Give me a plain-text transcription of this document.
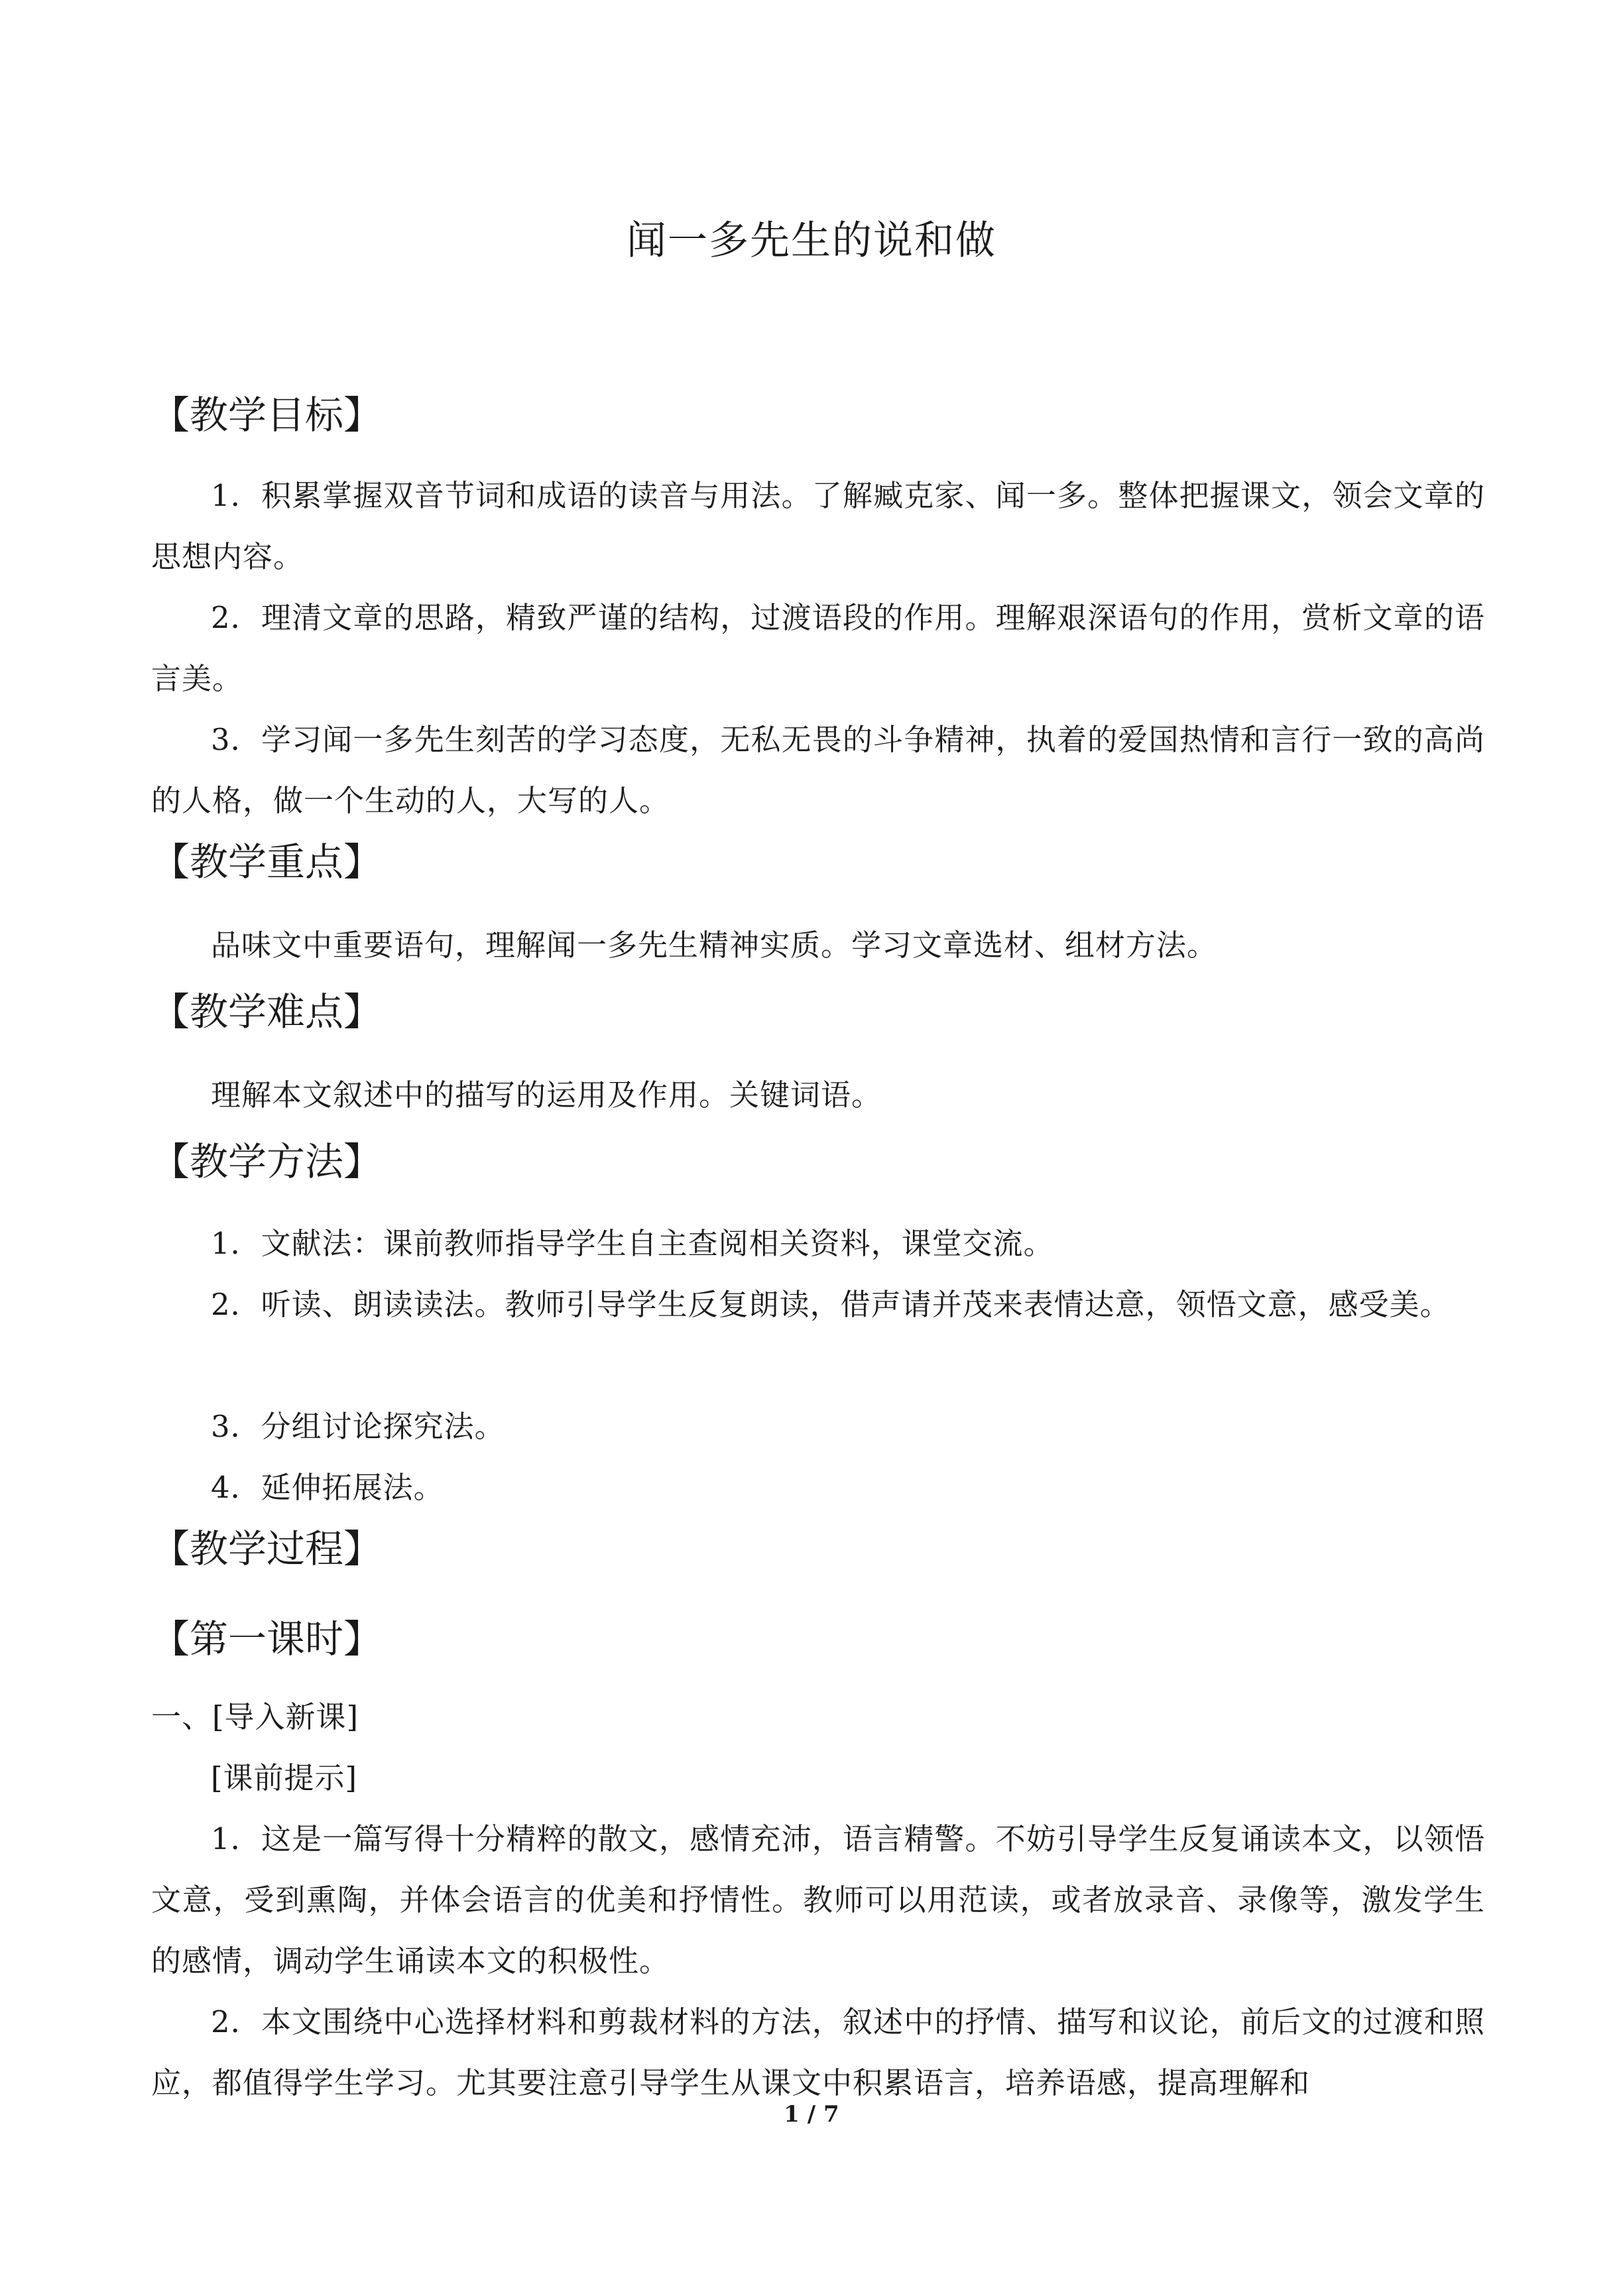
闻一多先生的说和做
【教学目标】
1．积累掌握双音节词和成语的读音与用法。了解臧克家、闻一多。整体把握课文，领会文章的思想内容。
2．理清文章的思路，精致严谨的结构，过渡语段的作用。理解艰深语句的作用，赏析文章的语言美。
3．学习闻一多先生刻苦的学习态度，无私无畏的斗争精神，执着的爱国热情和言行一致的高尚的人格，做一个生动的人，大写的人。
【教学重点】
品味文中重要语句，理解闻一多先生精神实质。学习文章选材、组材方法。
【教学难点】
理解本文叙述中的描写的运用及作用。关键词语。
【教学方法】
1．文献法：课前教师指导学生自主查阅相关资料，课堂交流。
2．听读、朗读读法。教师引导学生反复朗读，借声请并茂来表情达意，领悟文意，感受美。
3．分组讨论探究法。
4．延伸拓展法。
【教学过程】
【第一课时】
一、[导入新课]
[课前提示]
1．这是一篇写得十分精粹的散文，感情充沛，语言精警。不妨引导学生反复诵读本文，以领悟文意，受到熏陶，并体会语言的优美和抒情性。教师可以用范读，或者放录音、录像等，激发学生的感情，调动学生诵读本文的积极性。
2．本文围绕中心选择材料和剪裁材料的方法，叙述中的抒情、描写和议论，前后文的过渡和照应，都值得学生学习。尤其要注意引导学生从课文中积累语言，培养语感，提高理解和
1 / 7
